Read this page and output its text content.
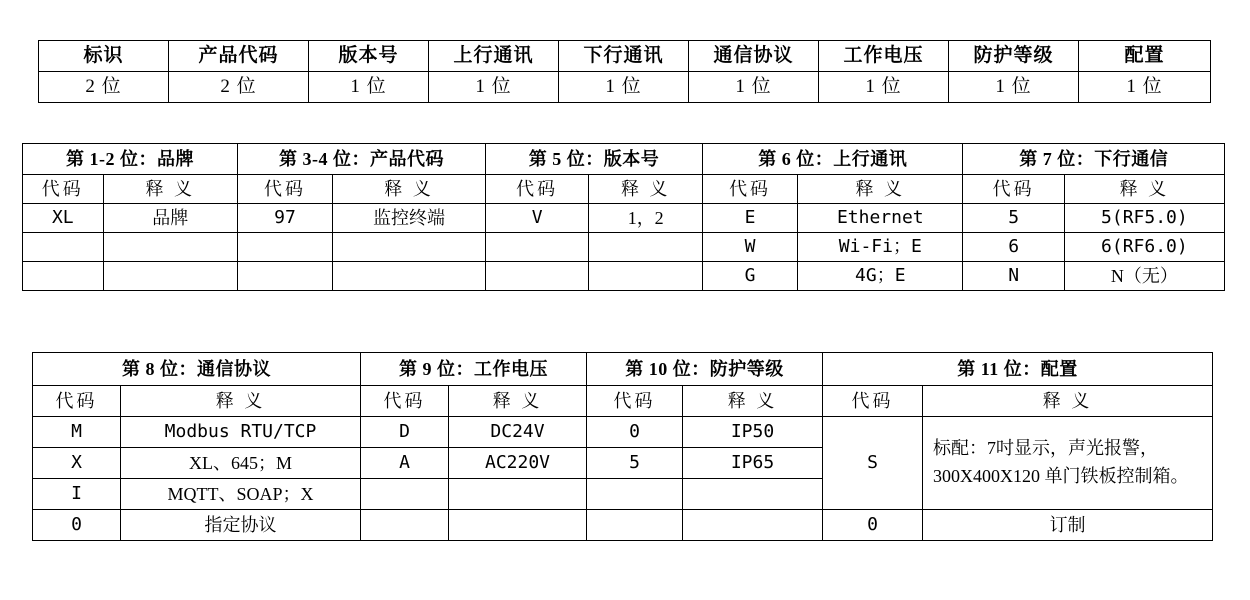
标识	产品代码	版本号	上行通讯	下行通讯	通信协议	工作电压	防护等级	配置
2 位	2 位	1 位	1 位	1 位	1 位	1 位	1 位	1 位
第 1-2 位：品牌		第 3-4 位：产品代码		第 5 位：版本号		第 6 位：上行通讯		第 7 位：下行通信	
代码	释 义	代码	释 义	代码	释 义	代码	释 义	代码	释 义
XL	品牌	97	监控终端	V	1，2	E	Ethernet	5	5(RF5.0)
						W	Wi-Fi；E	6	6(RF6.0)
						G	4G；E	N	N（无）
第 8 位：通信协议		第 9 位：工作电压		第 10 位：防护等级		第 11 位：配置	
代码	释 义	代码	释 义	代码	释 义	代码	释 义
M	Modbus RTU/TCP	D	DC24V	0	IP50	S	标配：7吋显示，声光报警，300X400X120 单门铁板控制箱。
X	XL、645；M	A	AC220V	5	IP65		
I	MQTT、SOAP；X						
0	指定协议					0	订制
